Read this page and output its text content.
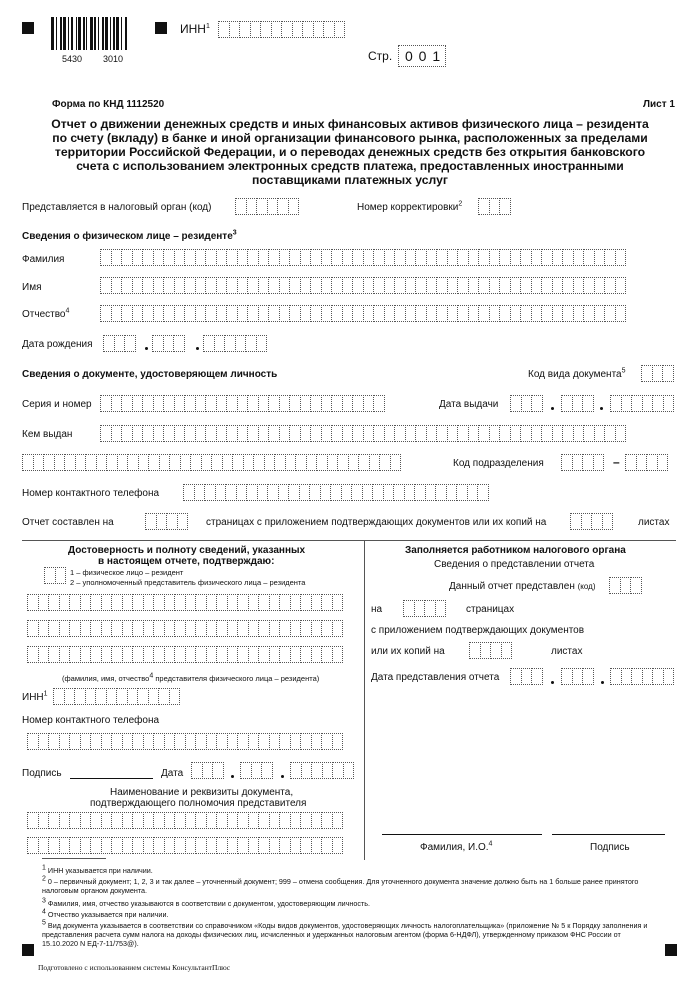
5430 3010
ИНН$^1$
Стр. 0 0 1
Форма по КНД 1112520	Лист 1
Отчет о движении денежных средств и иных финансовых активов физического лица – резидента по счету (вкладу) в банке и иной организации финансового рынка, расположенных за пределами территории Российской Федерации, и о переводах денежных средств без открытия банковского счета с использованием электронных средств платежа, предоставленных иностранными поставщиками платежных услуг
Представляется в налоговый орган (код)	Номер корректировки$^2$
Сведения о физическом лице – резиденте$^3$
Фамилия
Имя
Отчество$^4$
Дата рождения
Сведения о документе, удостоверяющем личность	Код вида документа$^5$
Серия и номер	Дата выдачи
Кем выдан
Код подразделения	–
Номер контактного телефона
Отчет составлен на	страницах с приложением подтверждающих документов или их копий на	листах
Достоверность и полноту сведений, указанных
в настоящем отчете, подтверждаю:
1 – физическое лицо – резидент
2 – уполномоченный представитель физического лица – резидента
(фамилия, имя, отчество4 представителя физического лица – резидента)
ИНН$^1$
Номер контактного телефона
Подпись	Дата
Наименование и реквизиты документа,
подтверждающего полномочия представителя
Заполняется работником налогового органа
Сведения о представлении отчета
Данный отчет представлен (код)
на	страницах
с приложением подтверждающих документов
или их копий на	листах
Дата представления отчета
Фамилия, И.О.$^4$	Подпись
1 ИНН указывается при наличии.
2 0 – первичный документ; 1, 2, 3 и так далее – уточненный документ; 999 – отмена сообщения. Для уточненного документа значение должно быть на 1 больше ранее принятого налоговым органом документа.
3 Фамилия, имя, отчество указываются в соответствии с документом, удостоверяющим личность.
4 Отчество указывается при наличии.
5 Вид документа указывается в соответствии со справочником «Коды видов документов, удостоверяющих личность налогоплательщика» (приложение № 5 к Порядку заполнения и представления расчета сумм налога на доходы физических лиц, исчисленных и удержанных налоговым агентом (форма 6-НДФЛ), утвержденному приказом ФНС России от 15.10.2020 N ЕД-7-11/753@).
Подготовлено с использованием системы КонсультантПлюс
